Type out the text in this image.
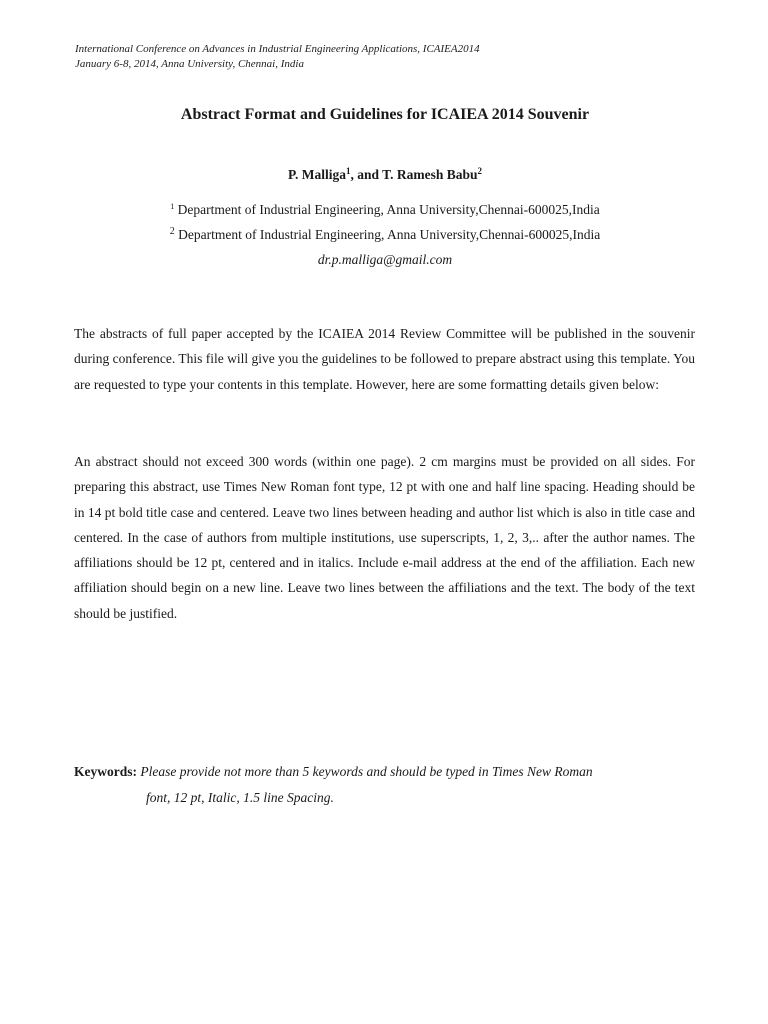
International Conference on Advances in Industrial Engineering Applications, ICAIEA2014
January 6-8, 2014, Anna University, Chennai, India
Abstract Format and Guidelines for ICAIEA 2014 Souvenir
P. Malliga$^1$, and T. Ramesh Babu$^2$
$^1$ Department of Industrial Engineering, Anna University,Chennai-600025,India
$^2$ Department of Industrial Engineering, Anna University,Chennai-600025,India
dr.p.malliga@gmail.com

The abstracts of full paper accepted by the ICAIEA 2014 Review Committee will be published in the souvenir during conference. This file will give you the guidelines to be followed to prepare abstract using this template. You are requested to type your contents in this template. However, here are some formatting details given below:

An abstract should not exceed 300 words (within one page). 2 cm margins must be provided on all sides. For preparing this abstract, use Times New Roman font type, 12 pt with one and half line spacing. Heading should be in 14 pt bold title case and centered. Leave two lines between heading and author list which is also in title case and centered. In the case of authors from multiple institutions, use superscripts, 1, 2, 3,.. after the author names. The affiliations should be 12 pt, centered and in italics. Include e-mail address at the end of the affiliation. Each new affiliation should begin on a new line. Leave two lines between the affiliations and the text. The body of the text should be justified.

Keywords: Please provide not more than 5 keywords and should be typed in Times New Roman
font, 12 pt, Italic, 1.5 line Spacing.
